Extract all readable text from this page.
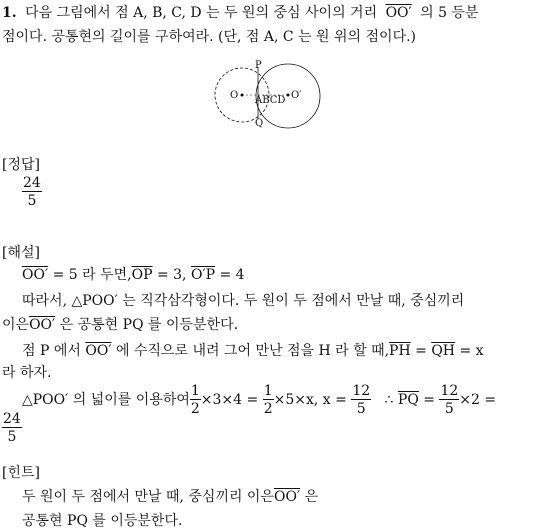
1. 다음 그림에서 점 A, B, C, D 는 두 원의 중심 사이의 거리 OO′ 의 5 등분
점이다. 공통현의 길이를 구하여라. (단, 점 A, C 는 원 위의 점이다.)
O
P
ABCD O′
Q
[정답]
$\frac{24}{5}$
[해설]
OO′ = 5 라 두면$,\overline{OP} = 3$, O′P = 4
따라서, △POO′ 는 직각삼각형이다. 두 원이 두 점에서 만날 때, 중심끼리
이은OO′ 은 공통현 PQ 를 이등분한다.
점 P 에서 OO′ 에 수직으로 내려 그어 만난 점을 H 라 할 때$,\overline{PH} = \overline{QH} = x$
라 하자.
△POO′ 의 넓이를 이용하여 $\frac{1}{2} \times 3\times 4 = \frac{1}{2} \times 5\times x$, $x = \frac{12}{5}$ ∴ $\overline{PQ} = \frac{12}{5} \times 2$ =
$\frac{24}{5}$
[힌트]
두 원이 두 점에서 만날 때, 중심끼리 이은OO′ 은
공통현 PQ 를 이등분한다.
